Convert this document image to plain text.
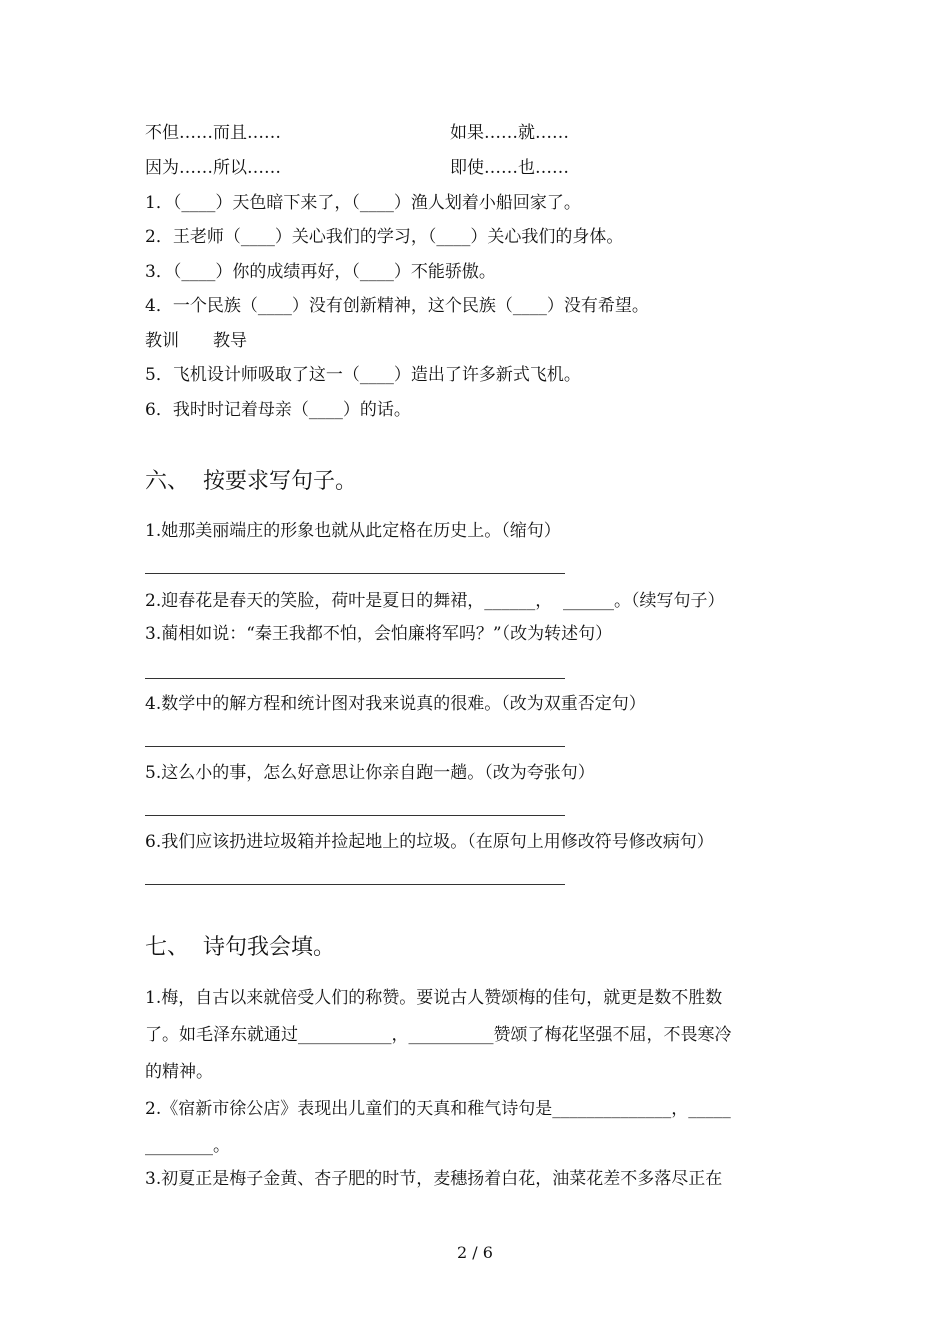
不但……而且……	如果……就……
因为……所以……	即使……也……
1．（____）天色暗下来了，（____）渔人划着小船回家了。
2．王老师（____）关心我们的学习，（____）关心我们的身体。
3．（____）你的成绩再好，（____）不能骄傲。
4．一个民族（____）没有创新精神，这个民族（____）没有希望。
教训　　教导
5．飞机设计师吸取了这一（____）造出了许多新式飞机。
6．我时时记着母亲（____）的话。
六、  按要求写句子。
1.她那美丽端庄的形象也就从此定格在历史上。（缩句）
2.迎春花是春天的笑脸，荷叶是夏日的舞裙，______，  ______。（续写句子）
3.蔺相如说：“秦王我都不怕，会怕廉将军吗？”（改为转述句）
4.数学中的解方程和统计图对我来说真的很难。（改为双重否定句）
5.这么小的事，怎么好意思让你亲自跑一趟。（改为夸张句）
6.我们应该扔进垃圾箱并捡起地上的垃圾。（在原句上用修改符号修改病句）
七、  诗句我会填。
1.梅，自古以来就倍受人们的称赞。要说古人赞颂梅的佳句，就更是数不胜数
了。如毛泽东就通过___________，__________赞颂了梅花坚强不屈，不畏寒冷
的精神。
2.《宿新市徐公店》表现出儿童们的天真和稚气诗句是______________，_____
________。
3.初夏正是梅子金黄、杏子肥的时节，麦穗扬着白花，油菜花差不多落尽正在
2 / 6
